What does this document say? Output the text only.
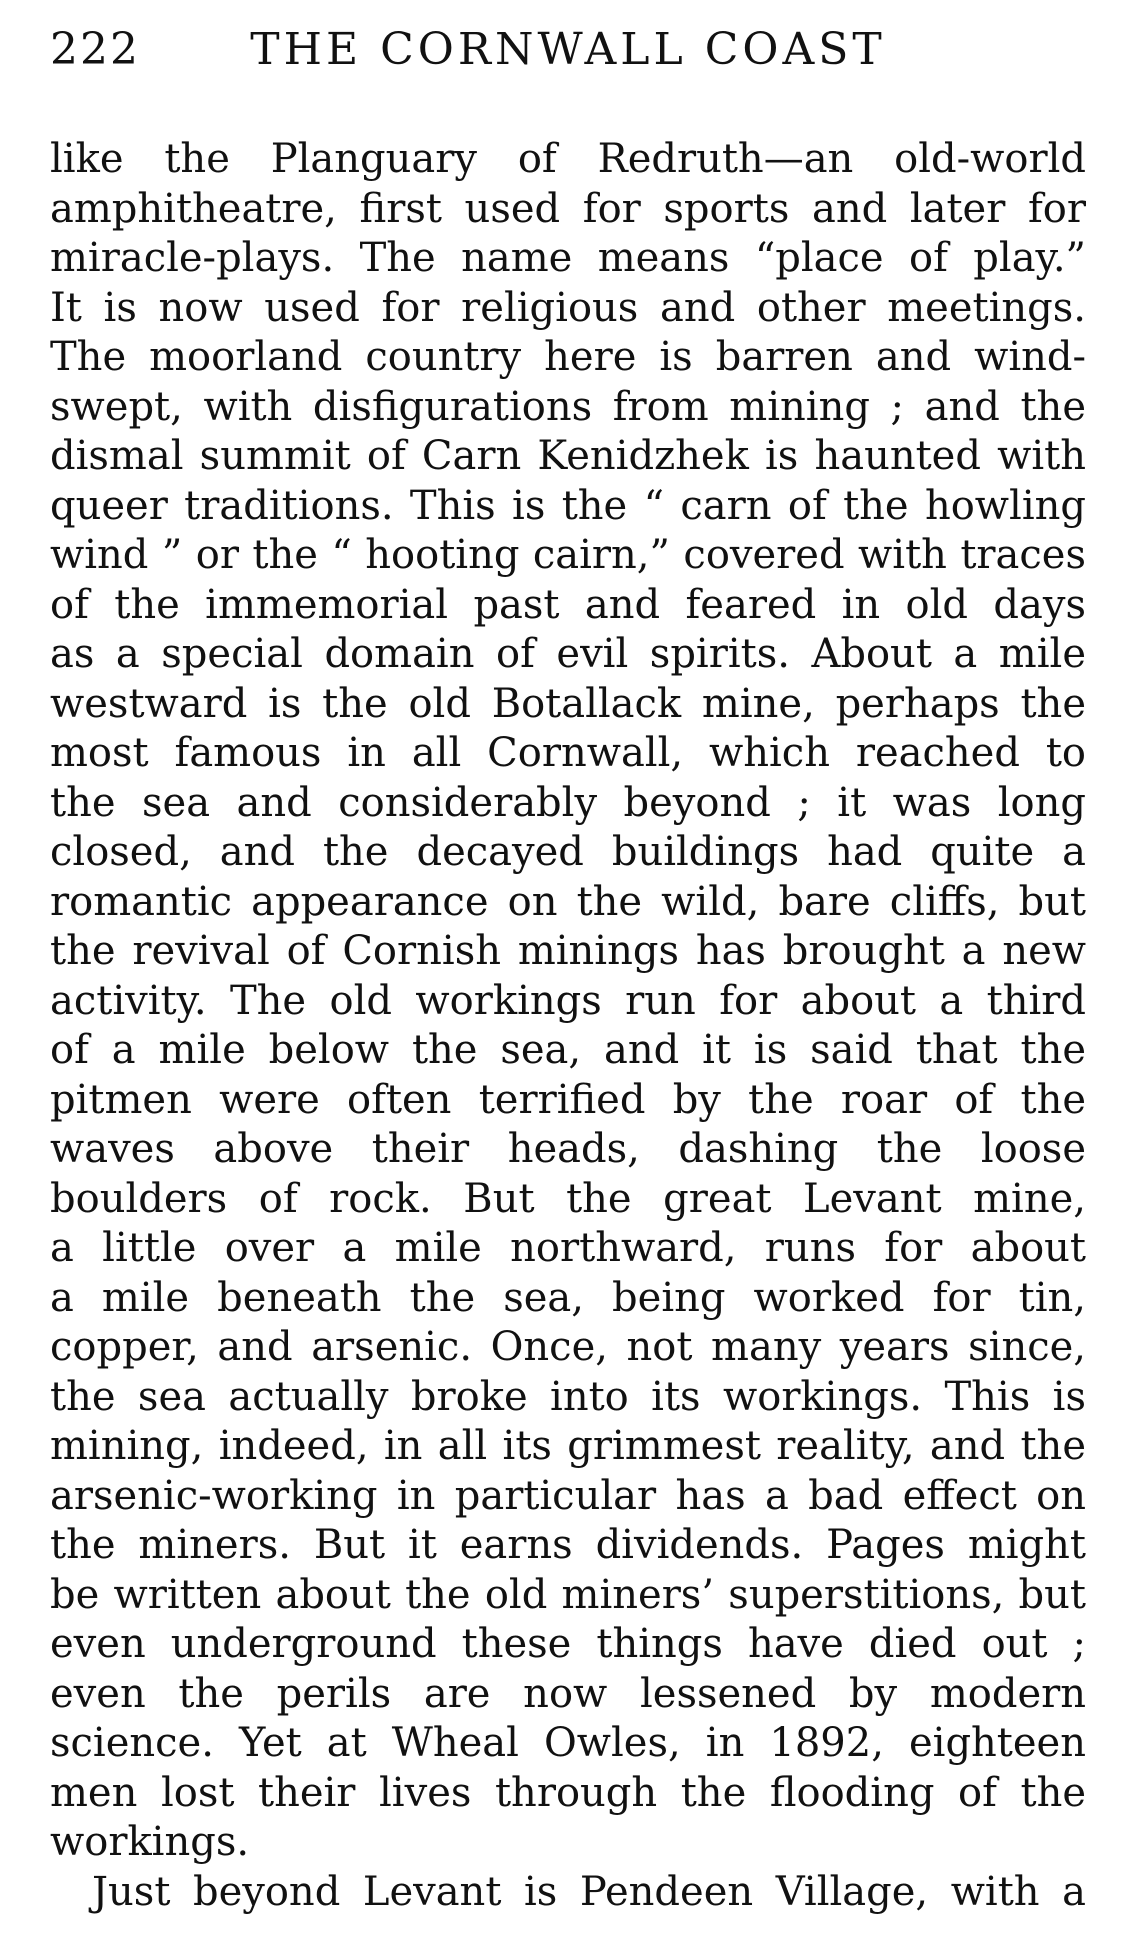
222	THE CORNWALL COAST
like the Planguary of Redruth—an old-world
amphitheatre, first used for sports and later for
miracle-plays. The name means “place of play.”
It is now used for religious and other meetings.
The moorland country here is barren and wind-
swept, with disfigurations from mining ; and the
dismal summit of Carn Kenidzhek is haunted with
queer traditions. This is the “ carn of the howling
wind ” or the “ hooting cairn,” covered with traces
of the immemorial past and feared in old days
as a special domain of evil spirits. About a mile
westward is the old Botallack mine, perhaps the
most famous in all Cornwall, which reached to
the sea and considerably beyond ; it was long
closed, and the decayed buildings had quite a
romantic appearance on the wild, bare cliffs, but
the revival of Cornish minings has brought a new
activity. The old workings run for about a third
of a mile below the sea, and it is said that the
pitmen were often terrified by the roar of the
waves above their heads, dashing the loose
boulders of rock. But the great Levant mine,
a little over a mile northward, runs for about
a mile beneath the sea, being worked for tin,
copper, and arsenic. Once, not many years since,
the sea actually broke into its workings. This is
mining, indeed, in all its grimmest reality, and the
arsenic-working in particular has a bad effect on
the miners. But it earns dividends. Pages might
be written about the old miners’ superstitions, but
even underground these things have died out ;
even the perils are now lessened by modern
science. Yet at Wheal Owles, in 1892, eighteen
men lost their lives through the flooding of the
workings.
Just beyond Levant is Pendeen Village, with a
